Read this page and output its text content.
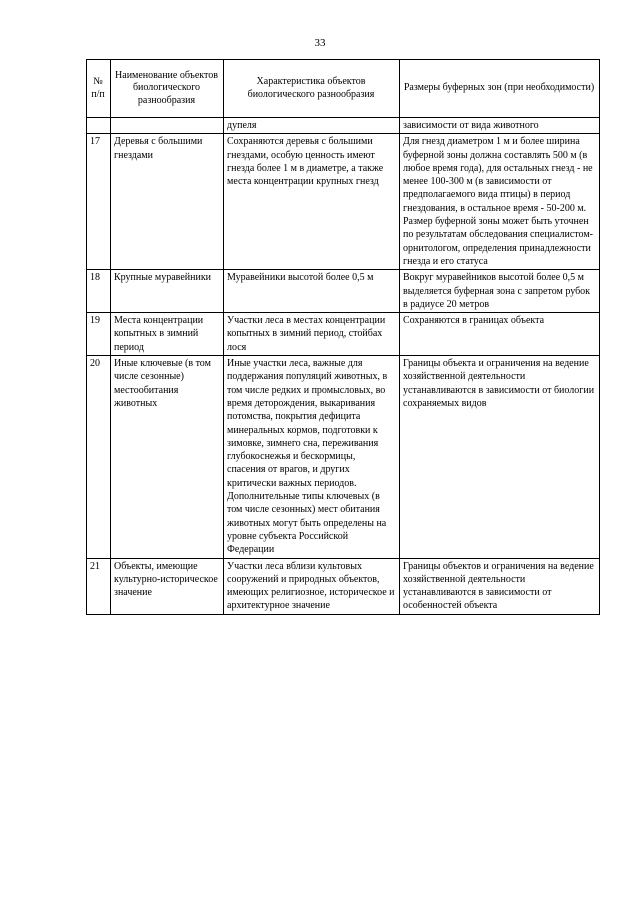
33
№ п/п	Наименование объектов биологического разнообразия	Характеристика объектов биологического разнообразия	Размеры буферных зон (при необходимости)
		дупеля	зависимости от вида животного
17	Деревья с большими гнездами	Сохраняются деревья с большими гнездами, особую ценность имеют гнезда более 1 м в диаметре, а также места концентрации крупных гнезд	Для гнезд диаметром 1 м и более ширина буферной зоны должна составлять 500 м (в любое время года), для остальных гнезд - не менее 100-300 м (в зависимости от предполагаемого вида птицы) в период гнездования, в остальное время - 50-200 м. Размер буферной зоны может быть уточнен по результатам обследования специалистом- орнитологом, определения принадлежности гнезда и его статуса
18	Крупные муравейники	Муравейники высотой более 0,5 м	Вокруг муравейников высотой более 0,5 м выделяется буферная зона с запретом рубок в радиусе 20 метров
19	Места концентрации копытных в зимний период	Участки леса в местах концентрации копытных в зимний период, стойбах лося	Сохраняются в границах объекта
20	Иные ключевые (в том числе сезонные) местообитания животных	Иные участки леса, важные для поддержания популяций животных, в том числе редких и промысловых, во время деторождения, выкаривания потомства, покрытия дефицита минеральных кормов, подготовки к зимовке, зимнего сна, переживания глубокоснежья и бескормицы, спасения от врагов, и других критически важных периодов. Дополнительные типы ключевых (в том числе сезонных) мест обитания животных могут быть определены на уровне субъекта Российской Федерации	Границы объекта и ограничения на ведение хозяйственной деятельности устанавливаются в зависимости от биологии сохраняемых видов
21	Объекты, имеющие культурно-историческое значение	Участки леса вблизи культовых сооружений и природных объектов, имеющих религиозное, историческое и архитектурное значение	Границы объектов и ограничения на ведение хозяйственной деятельности устанавливаются в зависимости от особенностей объекта
